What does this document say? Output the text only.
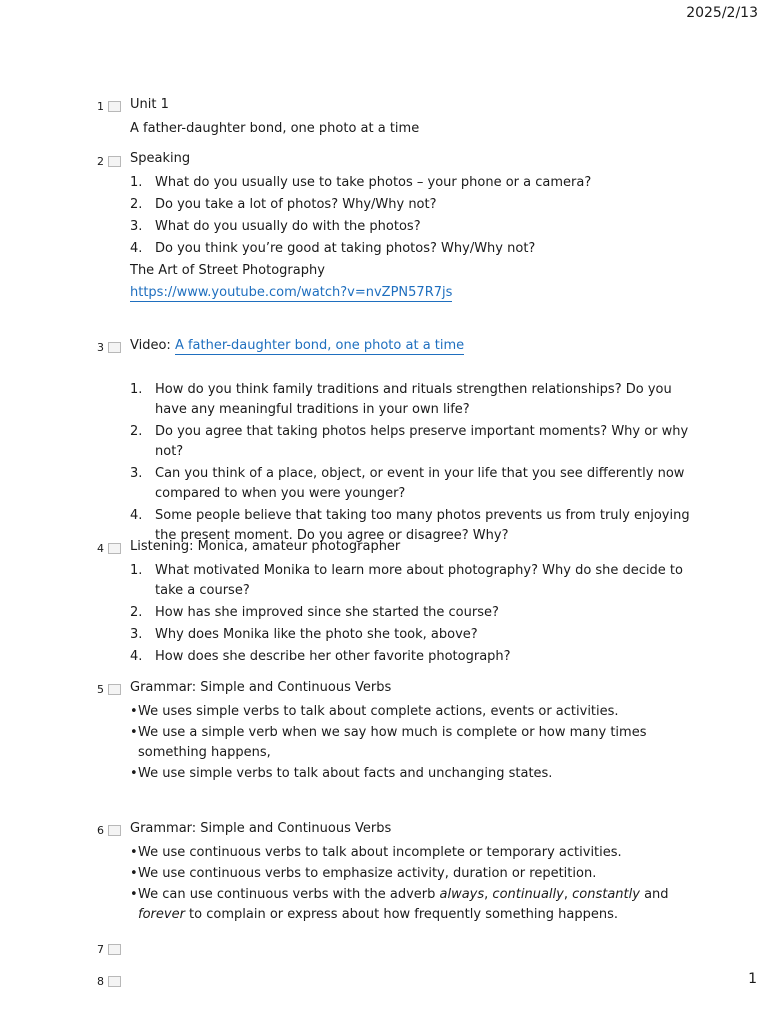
2025/2/13
1 Unit 1
A father-daughter bond, one photo at a time
2 Speaking
1. What do you usually use to take photos – your phone or a camera?
2. Do you take a lot of photos? Why/Why not?
3. What do you usually do with the photos?
4. Do you think you’re good at taking photos? Why/Why not?
The Art of Street Photography
https://www.youtube.com/watch?v=nvZPN57R7js
3 Video: A father-daughter bond, one photo at a time
1. How do you think family traditions and rituals strengthen relationships? Do you have any meaningful traditions in your own life?
2. Do you agree that taking photos helps preserve important moments? Why or why not?
3. Can you think of a place, object, or event in your life that you see differently now compared to when you were younger?
4. Some people believe that taking too many photos prevents us from truly enjoying the present moment. Do you agree or disagree? Why?
4 Listening: Monica, amateur photographer
1. What motivated Monika to learn more about photography? Why do she decide to take a course?
2. How has she improved since she started the course?
3. Why does Monika like the photo she took, above?
4. How does she describe her other favorite photograph?
5 Grammar: Simple and Continuous Verbs
• We uses simple verbs to talk about complete actions, events or activities.
• We use a simple verb when we say how much is complete or how many times something happens,
• We use simple verbs to talk about facts and unchanging states.
6 Grammar: Simple and Continuous Verbs
• We use continuous verbs to talk about incomplete or temporary activities.
• We use continuous verbs to emphasize activity, duration or repetition.
• We can use continuous verbs with the adverb always, continually, constantly and forever to complain or express about how frequently something happens.
7
8	1
